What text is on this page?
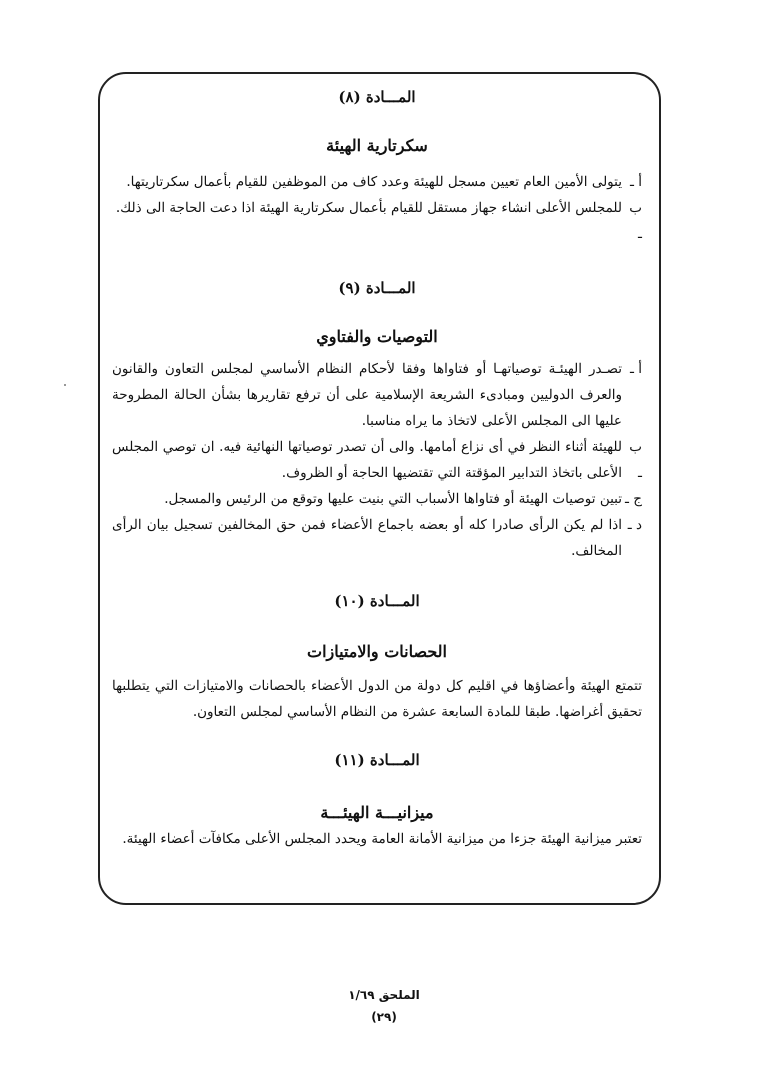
المـــادة (٨)
سكرتارية الهيئة
أ ـ
يتولى الأمين العام تعيين مسجل للهيئة وعدد كاف من الموظفين للقيام بأعمال سكرتاريتها.
ب ـ
للمجلس الأعلى انشاء جهاز مستقل للقيام بأعمال سكرتارية الهيئة اذا دعت الحاجة الى ذلك.
المـــادة (٩)
التوصيات والفتاوي
أ ـ
تصـدر الهيئـة توصياتهـا أو فتاواها وفقا لأحكام النظام الأساسي لمجلس التعاون والقانون والعرف الدوليين ومبادىء الشريعة الإسلامية على أن ترفع تقاريرها بشأن الحالة المطروحة عليها الى المجلس الأعلى لاتخاذ ما يراه مناسبا.
ب ـ
للهيئة أثناء النظر في أى نزاع أمامها. والى أن تصدر توصياتها النهائية فيه. ان توصي المجلس الأعلى باتخاذ التدابير المؤقتة التي تقتضيها الحاجة أو الظروف.
ج ـ
تبين توصيات الهيئة أو فتاواها الأسباب التي بنيت عليها وتوقع من الرئيس والمسجل.
د ـ
اذا لم يكن الرأى صادرا كله أو بعضه باجماع الأعضاء فمن حق المخالفين تسجيل بيان الرأى المخالف.
المـــادة (١٠)
الحصانات والامتيازات
تتمتع الهيئة وأعضاؤها في اقليم كل دولة من الدول الأعضاء بالحصانات والامتيازات التي يتطلبها تحقيق أغراضها. طبقا للمادة السابعة عشرة من النظام الأساسي لمجلس التعاون.
المـــادة (١١)
ميزانيـــة الهيئـــة
تعتبر ميزانية الهيئة جزءا من ميزانية الأمانة العامة ويحدد المجلس الأعلى مكافآت أعضاء الهيئة.
الملحق ١/٦٩
(٢٩)
